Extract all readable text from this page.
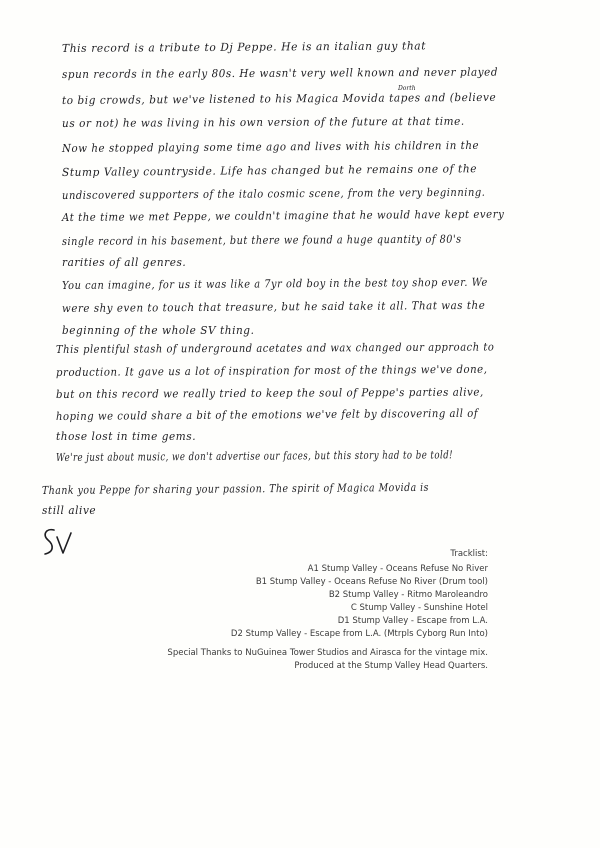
This record is a tribute to Dj Peppe. He is an italian guy that
spun records in the early 80s. He wasn't very well known and never played
Dorth
to big crowds, but we've listened to his Magica Movida tapes and (believe
us or not) he was living in his own version of the future at that time.
Now he stopped playing some time ago and lives with his children in the
Stump Valley countryside. Life has changed but he remains one of the
undiscovered supporters of the italo cosmic scene, from the very beginning.
At the time we met Peppe, we couldn't imagine that he would have kept every
single record in his basement, but there we found a huge quantity of 80's
rarities of all genres.
You can imagine, for us it was like a 7yr old boy in the best toy shop ever. We
were shy even to touch that treasure, but he said take it all. That was the
beginning of the whole SV thing.
This plentiful stash of underground acetates and wax changed our approach to
production. It gave us a lot of inspiration for most of the things we've done,
but on this record we really tried to keep the soul of Peppe's parties alive,
hoping we could share a bit of the emotions we've felt by discovering all of
those lost in time gems.
We're just about music, we don't advertise our faces, but this story had to be told!
Thank you Peppe for sharing your passion. The spirit of Magica Movida is
still alive
Tracklist:
A1 Stump Valley - Oceans Refuse No River
B1 Stump Valley - Oceans Refuse No River (Drum tool)
B2 Stump Valley - Ritmo Maroleandro
C Stump Valley - Sunshine Hotel
D1 Stump Valley - Escape from L.A.
D2 Stump Valley - Escape from L.A. (Mtrpls Cyborg Run Into)
Special Thanks to NuGuinea Tower Studios and Airasca for the vintage mix.
Produced at the Stump Valley Head Quarters.
